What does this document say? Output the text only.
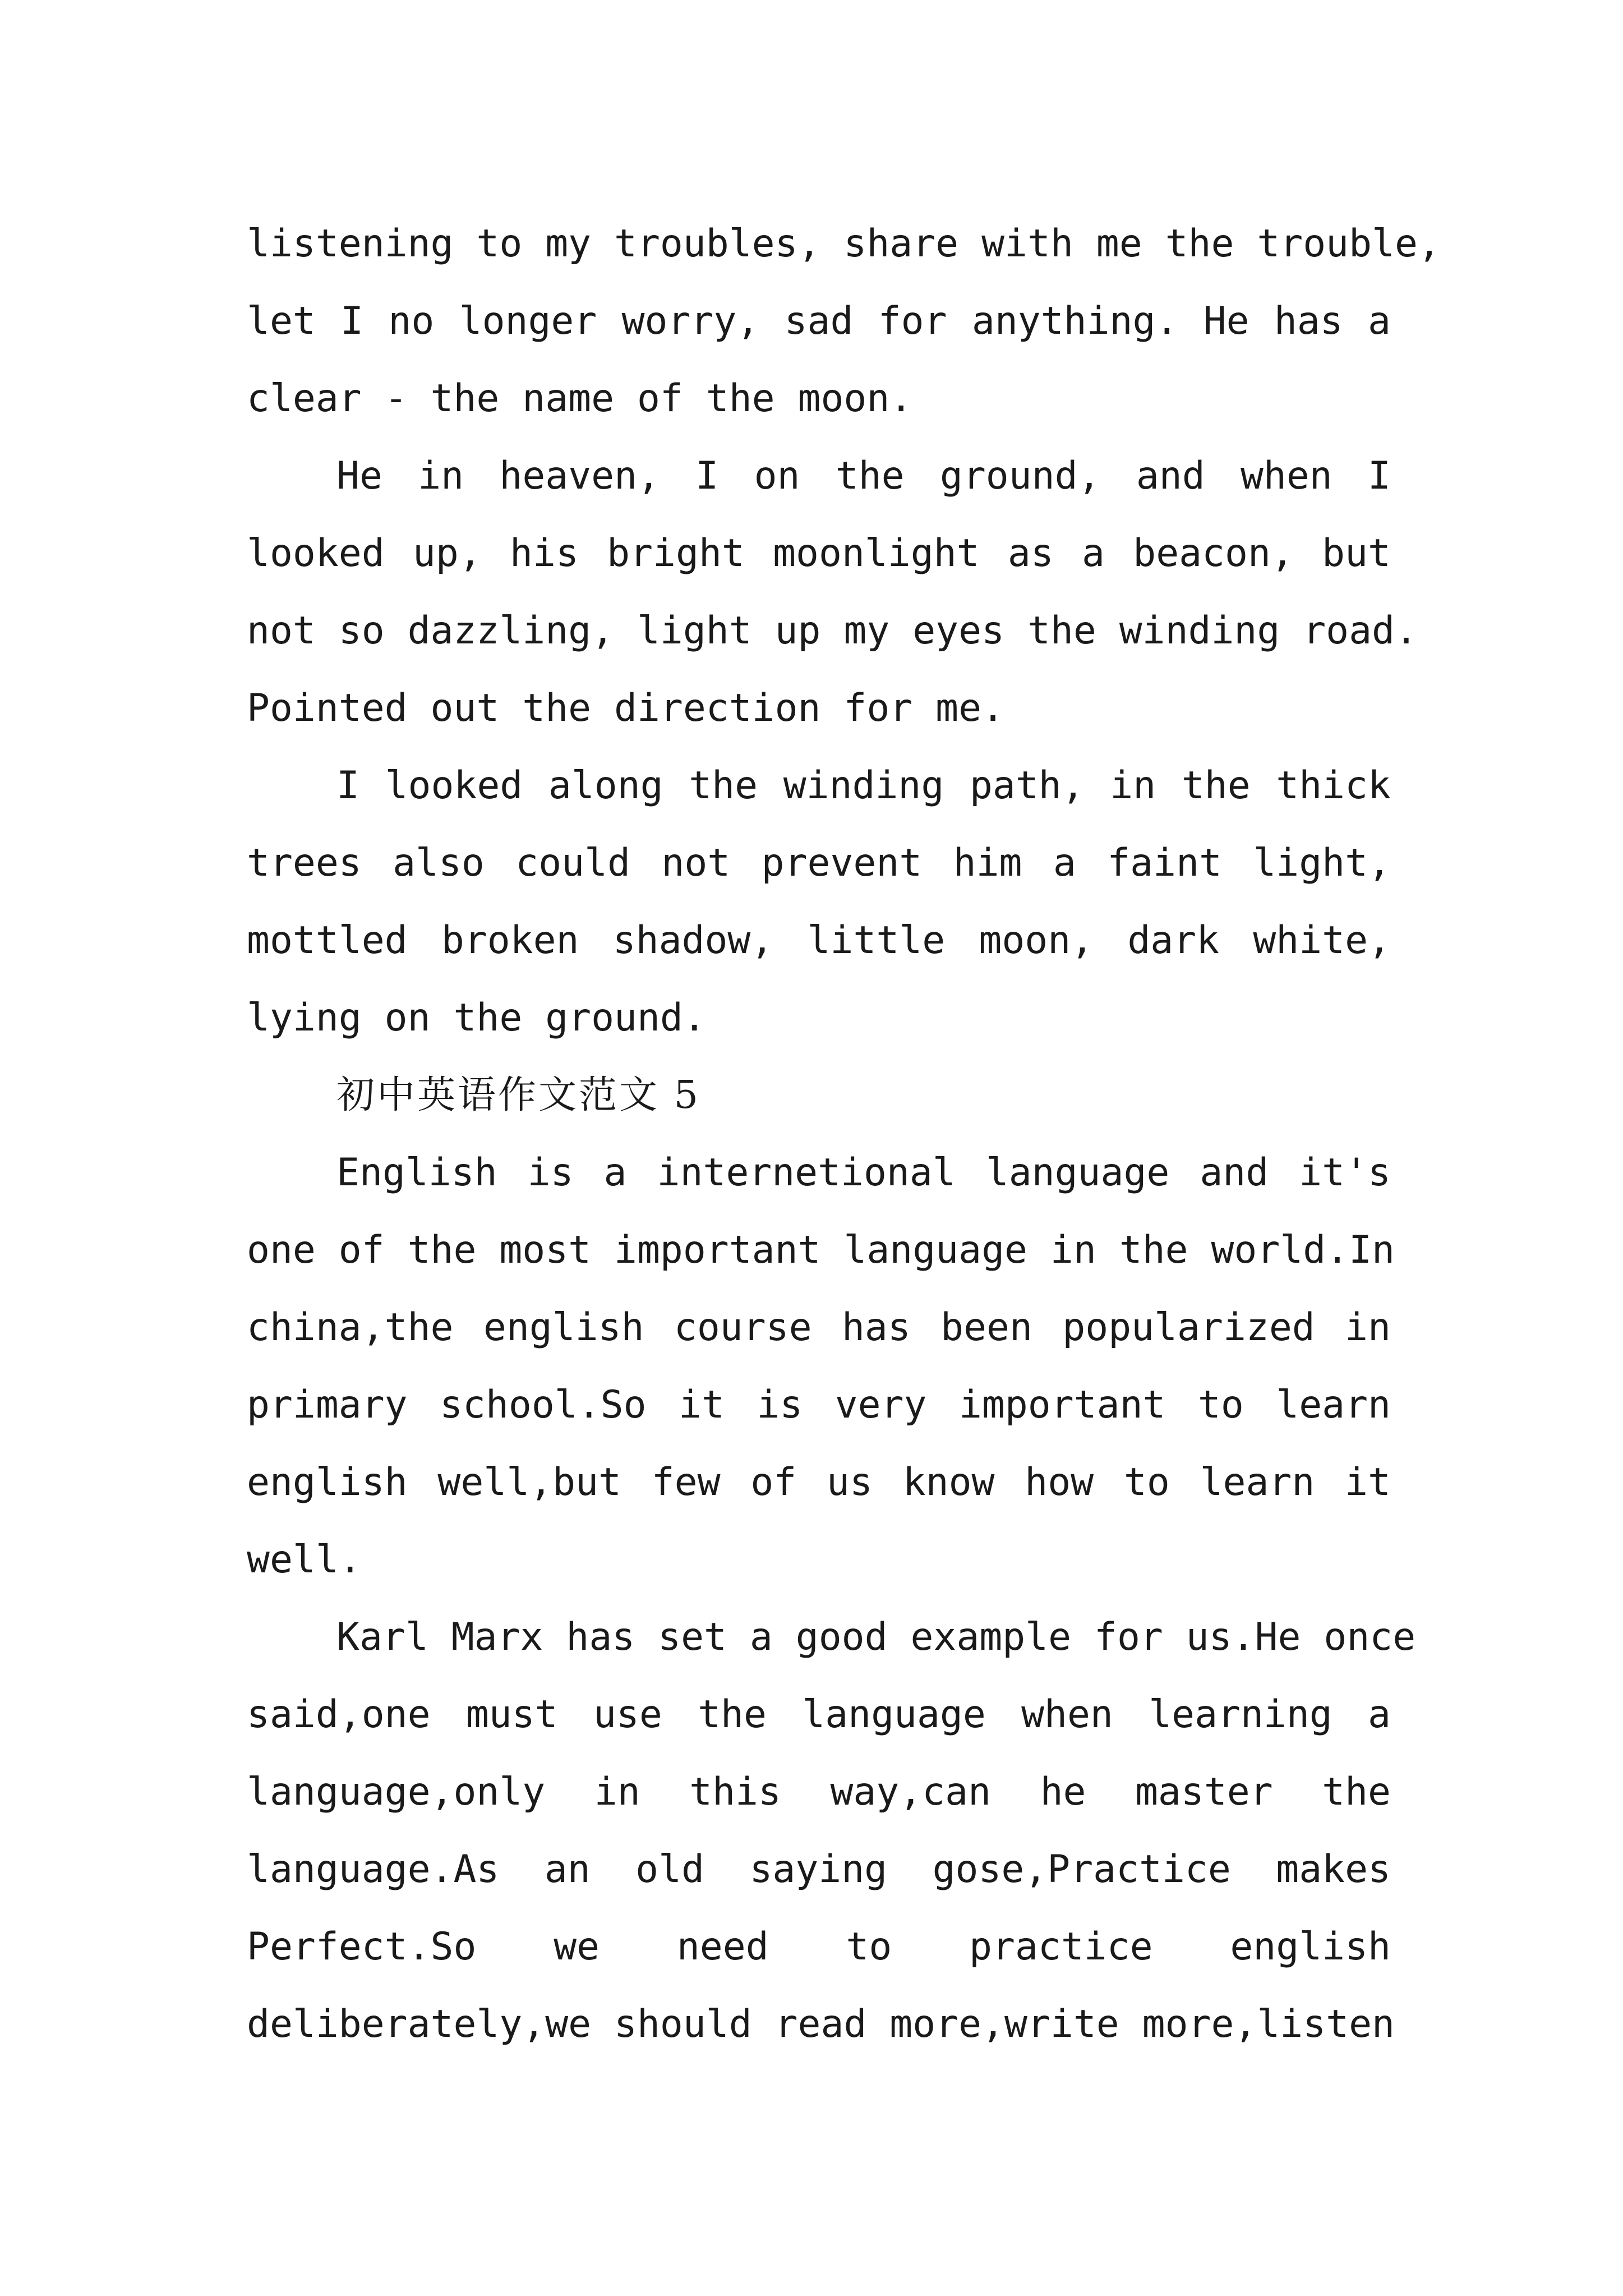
listening to my troubles, share with me the trouble,
let I no longer worry, sad for anything. He has a
clear - the name of the moon.
He in heaven, I on the ground, and when I
looked up, his bright moonlight as a beacon, but
not so dazzling, light up my eyes the winding road.
Pointed out the direction for me.
I looked along the winding path, in the thick
trees also could not prevent him a faint light,
mottled broken shadow, little moon, dark white,
lying on the ground.
初中英语作文范文 5
English is a internetional language and it's
one of the most important language in the world.In
china,the english course has been popularized in
primary school.So it is very important to learn
english well,but few of us know how to learn it
well.
Karl Marx has set a good example for us.He once
said,one must use the language when learning a
language,only in this way,can he master the
language.As an old saying gose,Practice makes
Perfect.So we need to practice english
deliberately,we should read more,write more,listen
